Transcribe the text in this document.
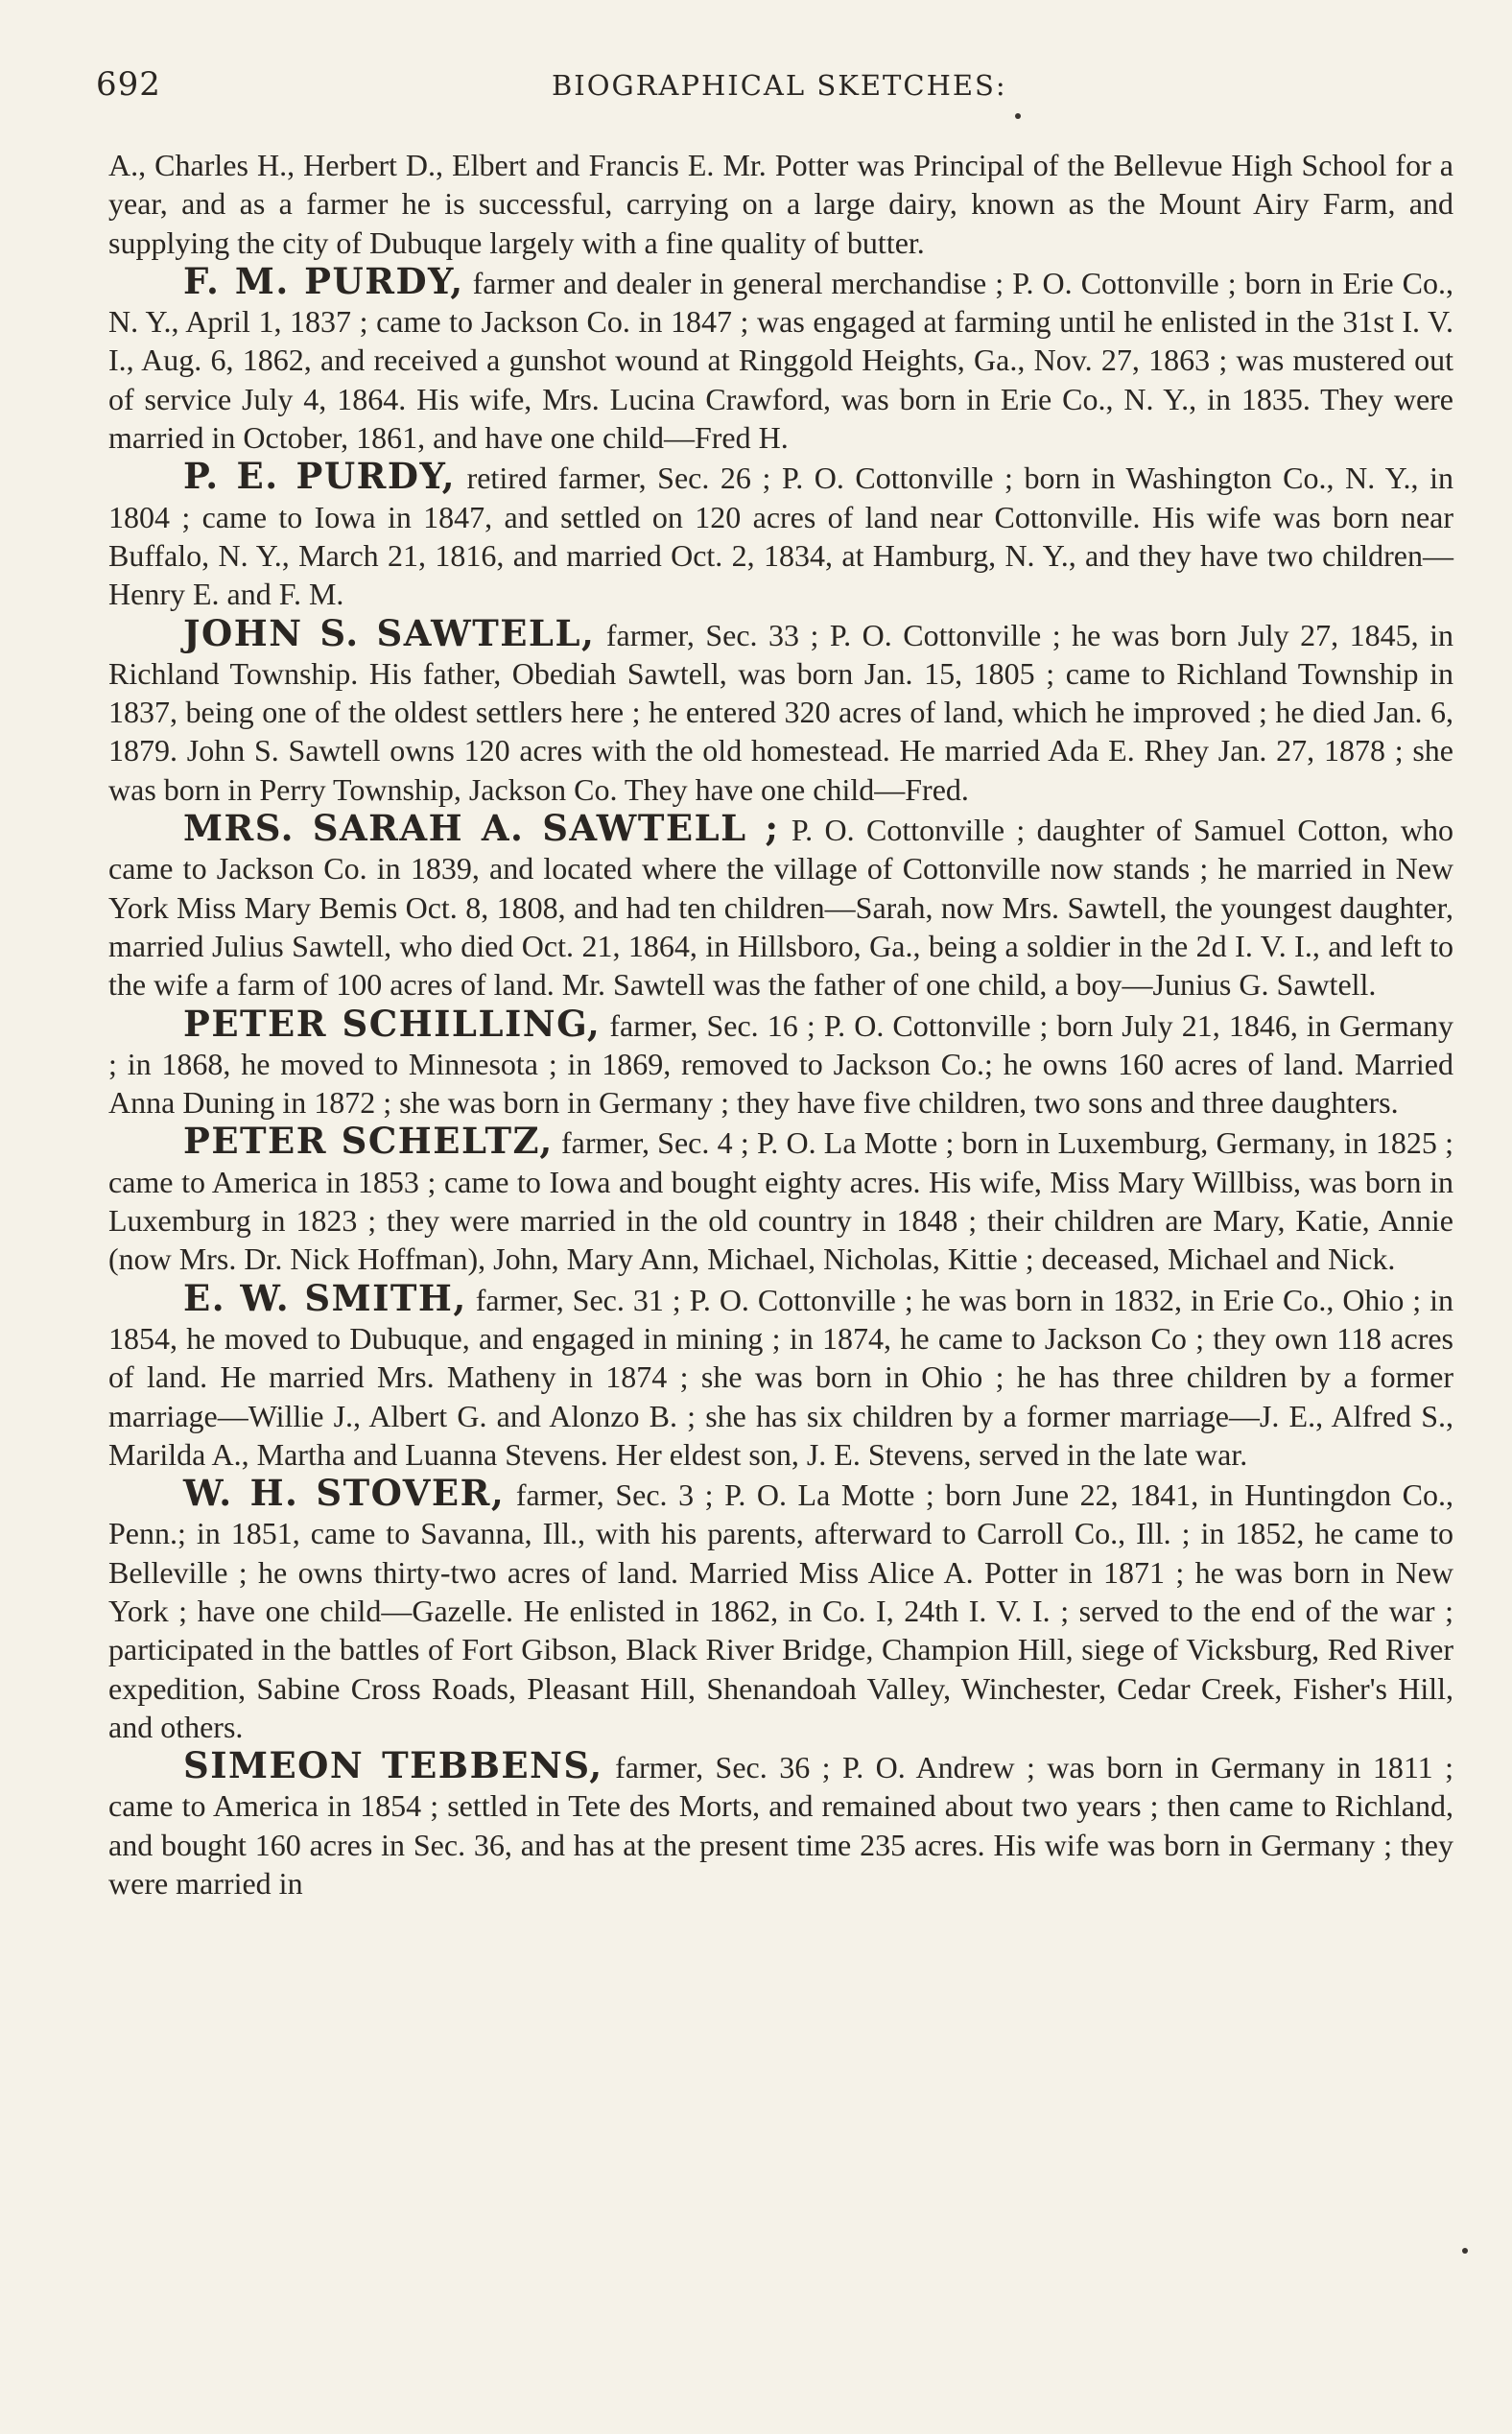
692	BIOGRAPHICAL SKETCHES:

A., Charles H., Herbert D., Elbert and Francis E. Mr. Potter was Principal of the Bellevue High School for a year, and as a farmer he is successful, carrying on a large dairy, known as the Mount Airy Farm, and supplying the city of Dubuque largely with a fine quality of butter.

F. M. PURDY, farmer and dealer in general merchandise ; P. O. Cottonville ; born in Erie Co., N. Y., April 1, 1837 ; came to Jackson Co. in 1847 ; was engaged at farming until he enlisted in the 31st I. V. I., Aug. 6, 1862, and received a gunshot wound at Ringgold Heights, Ga., Nov. 27, 1863 ; was mustered out of service July 4, 1864. His wife, Mrs. Lucina Crawford, was born in Erie Co., N. Y., in 1835. They were married in October, 1861, and have one child—Fred H.

P. E. PURDY, retired farmer, Sec. 26 ; P. O. Cottonville ; born in Washington Co., N. Y., in 1804 ; came to Iowa in 1847, and settled on 120 acres of land near Cottonville. His wife was born near Buffalo, N. Y., March 21, 1816, and married Oct. 2, 1834, at Hamburg, N. Y., and they have two children—Henry E. and F. M.

JOHN S. SAWTELL, farmer, Sec. 33 ; P. O. Cottonville ; he was born July 27, 1845, in Richland Township. His father, Obediah Sawtell, was born Jan. 15, 1805 ; came to Richland Township in 1837, being one of the oldest settlers here ; he entered 320 acres of land, which he improved ; he died Jan. 6, 1879. John S. Sawtell owns 120 acres with the old homestead. He married Ada E. Rhey Jan. 27, 1878 ; she was born in Perry Township, Jackson Co. They have one child—Fred.

MRS. SARAH A. SAWTELL ; P. O. Cottonville ; daughter of Samuel Cotton, who came to Jackson Co. in 1839, and located where the village of Cottonville now stands ; he married in New York Miss Mary Bemis Oct. 8, 1808, and had ten children—Sarah, now Mrs. Sawtell, the youngest daughter, married Julius Sawtell, who died Oct. 21, 1864, in Hillsboro, Ga., being a soldier in the 2d I. V. I., and left to the wife a farm of 100 acres of land. Mr. Sawtell was the father of one child, a boy—Junius G. Sawtell.

PETER SCHILLING, farmer, Sec. 16 ; P. O. Cottonville ; born July 21, 1846, in Germany ; in 1868, he moved to Minnesota ; in 1869, removed to Jackson Co.; he owns 160 acres of land. Married Anna Duning in 1872 ; she was born in Germany ; they have five children, two sons and three daughters.

PETER SCHELTZ, farmer, Sec. 4 ; P. O. La Motte ; born in Luxemburg, Germany, in 1825 ; came to America in 1853 ; came to Iowa and bought eighty acres. His wife, Miss Mary Willbiss, was born in Luxemburg in 1823 ; they were married in the old country in 1848 ; their children are Mary, Katie, Annie (now Mrs. Dr. Nick Hoffman), John, Mary Ann, Michael, Nicholas, Kittie ; deceased, Michael and Nick.

E. W. SMITH, farmer, Sec. 31 ; P. O. Cottonville ; he was born in 1832, in Erie Co., Ohio ; in 1854, he moved to Dubuque, and engaged in mining ; in 1874, he came to Jackson Co ; they own 118 acres of land. He married Mrs. Matheny in 1874 ; she was born in Ohio ; he has three children by a former marriage—Willie J., Albert G. and Alonzo B. ; she has six children by a former marriage—J. E., Alfred S., Marilda A., Martha and Luanna Stevens. Her eldest son, J. E. Stevens, served in the late war.

W. H. STOVER, farmer, Sec. 3 ; P. O. La Motte ; born June 22, 1841, in Huntingdon Co., Penn.; in 1851, came to Savanna, Ill., with his parents, afterward to Carroll Co., Ill. ; in 1852, he came to Belleville ; he owns thirty-two acres of land. Married Miss Alice A. Potter in 1871 ; he was born in New York ; have one child—Gazelle. He enlisted in 1862, in Co. I, 24th I. V. I. ; served to the end of the war ; participated in the battles of Fort Gibson, Black River Bridge, Champion Hill, siege of Vicksburg, Red River expedition, Sabine Cross Roads, Pleasant Hill, Shenandoah Valley, Winchester, Cedar Creek, Fisher's Hill, and others.

SIMEON TEBBENS, farmer, Sec. 36 ; P. O. Andrew ; was born in Germany in 1811 ; came to America in 1854 ; settled in Tete des Morts, and remained about two years ; then came to Richland, and bought 160 acres in Sec. 36, and has at the present time 235 acres. His wife was born in Germany ; they were married in
